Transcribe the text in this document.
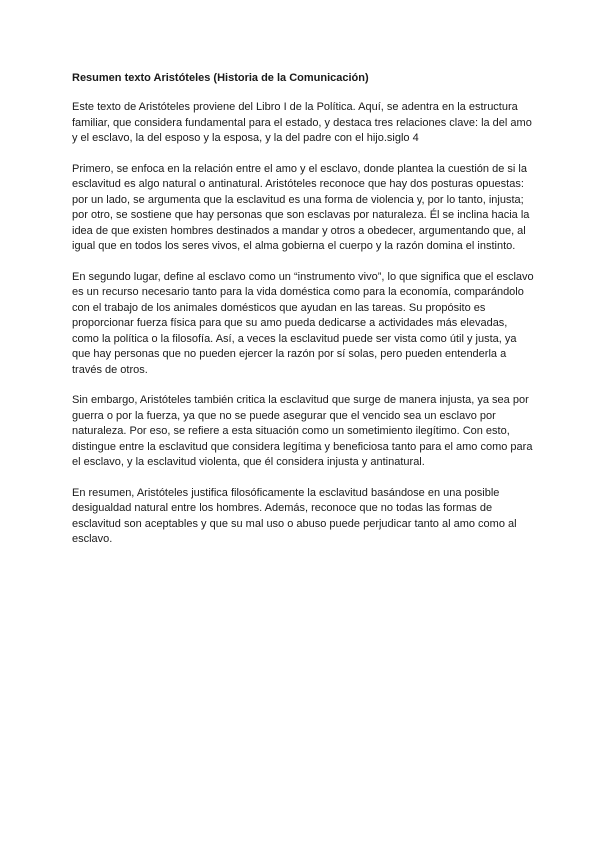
Resumen texto Aristóteles (Historia de la Comunicación)

Este texto de Aristóteles proviene del Libro I de la Política. Aquí, se adentra en la estructura familiar, que considera fundamental para el estado, y destaca tres relaciones clave: la del amo y el esclavo, la del esposo y la esposa, y la del padre con el hijo.siglo 4

Primero, se enfoca en la relación entre el amo y el esclavo, donde plantea la cuestión de si la esclavitud es algo natural o antinatural. Aristóteles reconoce que hay dos posturas opuestas: por un lado, se argumenta que la esclavitud es una forma de violencia y, por lo tanto, injusta; por otro, se sostiene que hay personas que son esclavas por naturaleza. Él se inclina hacia la idea de que existen hombres destinados a mandar y otros a obedecer, argumentando que, al igual que en todos los seres vivos, el alma gobierna el cuerpo y la razón domina el instinto.

En segundo lugar, define al esclavo como un “instrumento vivo”, lo que significa que el esclavo es un recurso necesario tanto para la vida doméstica como para la economía, comparándolo con el trabajo de los animales domésticos que ayudan en las tareas. Su propósito es proporcionar fuerza física para que su amo pueda dedicarse a actividades más elevadas, como la política o la filosofía. Así, a veces la esclavitud puede ser vista como útil y justa, ya que hay personas que no pueden ejercer la razón por sí solas, pero pueden entenderla a través de otros.

Sin embargo, Aristóteles también critica la esclavitud que surge de manera injusta, ya sea por guerra o por la fuerza, ya que no se puede asegurar que el vencido sea un esclavo por naturaleza. Por eso, se refiere a esta situación como un sometimiento ilegítimo. Con esto, distingue entre la esclavitud que considera legítima y beneficiosa tanto para el amo como para el esclavo, y la esclavitud violenta, que él considera injusta y antinatural.

En resumen, Aristóteles justifica filosóficamente la esclavitud basándose en una posible desigualdad natural entre los hombres. Además, reconoce que no todas las formas de esclavitud son aceptables y que su mal uso o abuso puede perjudicar tanto al amo como al esclavo.
